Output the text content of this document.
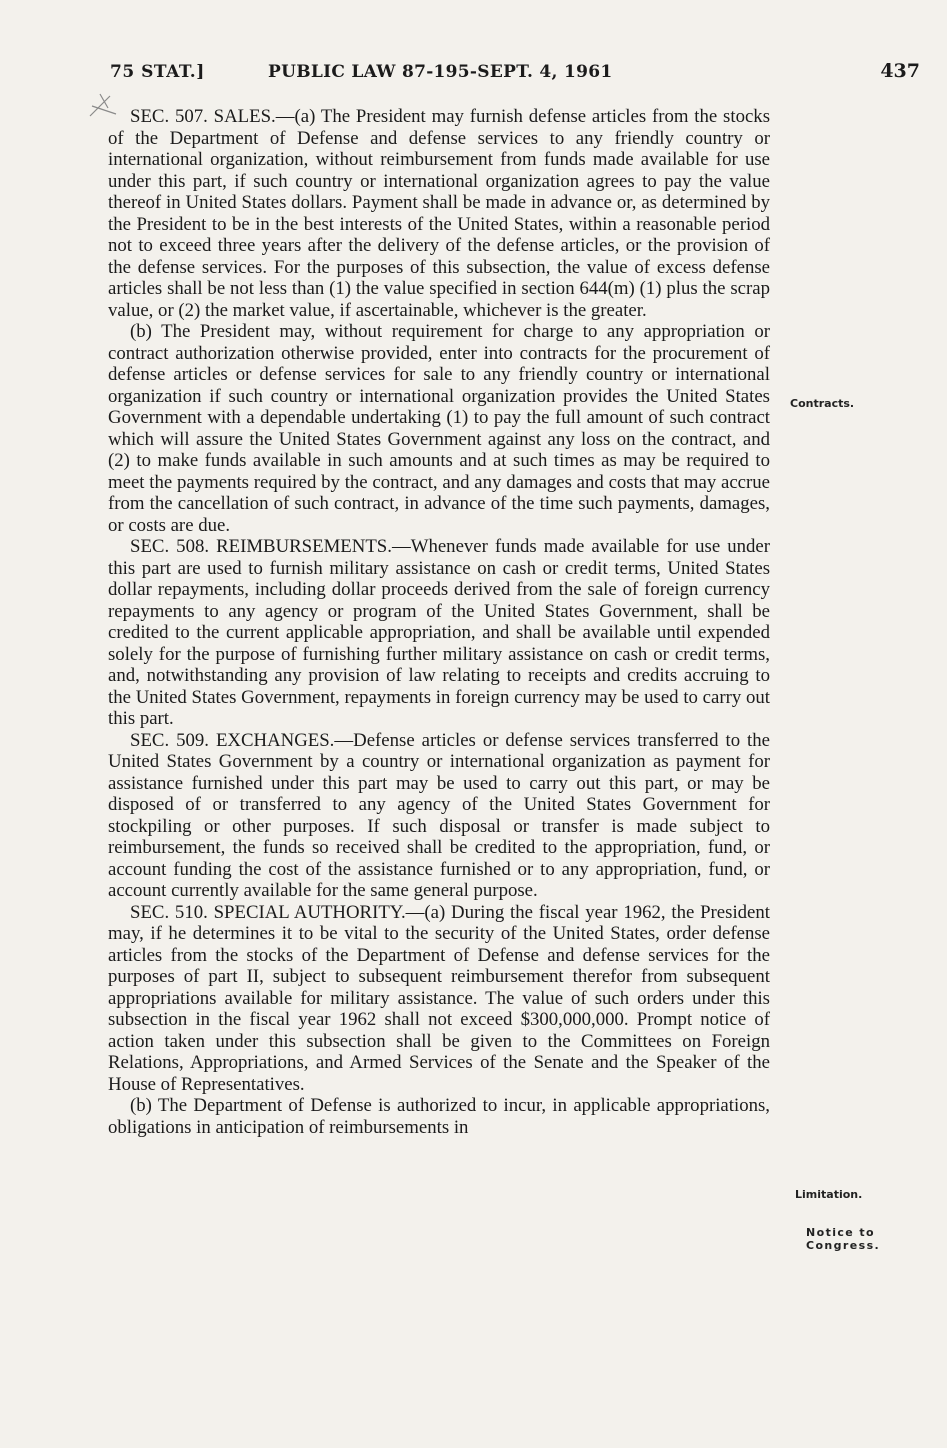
75 STAT.]	PUBLIC LAW 87-195-SEPT. 4, 1961	437

SEC. 507. SALES.—(a) The President may furnish defense articles from the stocks of the Department of Defense and defense services to any friendly country or international organization, without reimbursement from funds made available for use under this part, if such country or international organization agrees to pay the value thereof in United States dollars. Payment shall be made in advance or, as determined by the President to be in the best interests of the United States, within a reasonable period not to exceed three years after the delivery of the defense articles, or the provision of the defense services. For the purposes of this subsection, the value of excess defense articles shall be not less than (1) the value specified in section 644(m) (1) plus the scrap value, or (2) the market value, if ascertainable, whichever is the greater.

(b) The President may, without requirement for charge to any appropriation or contract authorization otherwise provided, enter into contracts for the procurement of defense articles or defense services for sale to any friendly country or international organization if such country or international organization provides the United States Government with a dependable undertaking (1) to pay the full amount of such contract which will assure the United States Government against any loss on the contract, and (2) to make funds available in such amounts and at such times as may be required to meet the payments required by the contract, and any damages and costs that may accrue from the cancellation of such contract, in advance of the time such payments, damages, or costs are due.

SEC. 508. REIMBURSEMENTS.—Whenever funds made available for use under this part are used to furnish military assistance on cash or credit terms, United States dollar repayments, including dollar proceeds derived from the sale of foreign currency repayments to any agency or program of the United States Government, shall be credited to the current applicable appropriation, and shall be available until expended solely for the purpose of furnishing further military assistance on cash or credit terms, and, notwithstanding any provision of law relating to receipts and credits accruing to the United States Government, repayments in foreign currency may be used to carry out this part.

SEC. 509. EXCHANGES.—Defense articles or defense services transferred to the United States Government by a country or international organization as payment for assistance furnished under this part may be used to carry out this part, or may be disposed of or transferred to any agency of the United States Government for stockpiling or other purposes. If such disposal or transfer is made subject to reimbursement, the funds so received shall be credited to the appropriation, fund, or account funding the cost of the assistance furnished or to any appropriation, fund, or account currently available for the same general purpose.

SEC. 510. SPECIAL AUTHORITY.—(a) During the fiscal year 1962, the President may, if he determines it to be vital to the security of the United States, order defense articles from the stocks of the Department of Defense and defense services for the purposes of part II, subject to subsequent reimbursement therefor from subsequent appropriations available for military assistance. The value of such orders under this subsection in the fiscal year 1962 shall not exceed $300,000,000. Prompt notice of action taken under this subsection shall be given to the Committees on Foreign Relations, Appropriations, and Armed Services of the Senate and the Speaker of the House of Representatives.

(b) The Department of Defense is authorized to incur, in applicable appropriations, obligations in anticipation of reimbursements in

Contracts.
Limitation.
Notice to Congress.
